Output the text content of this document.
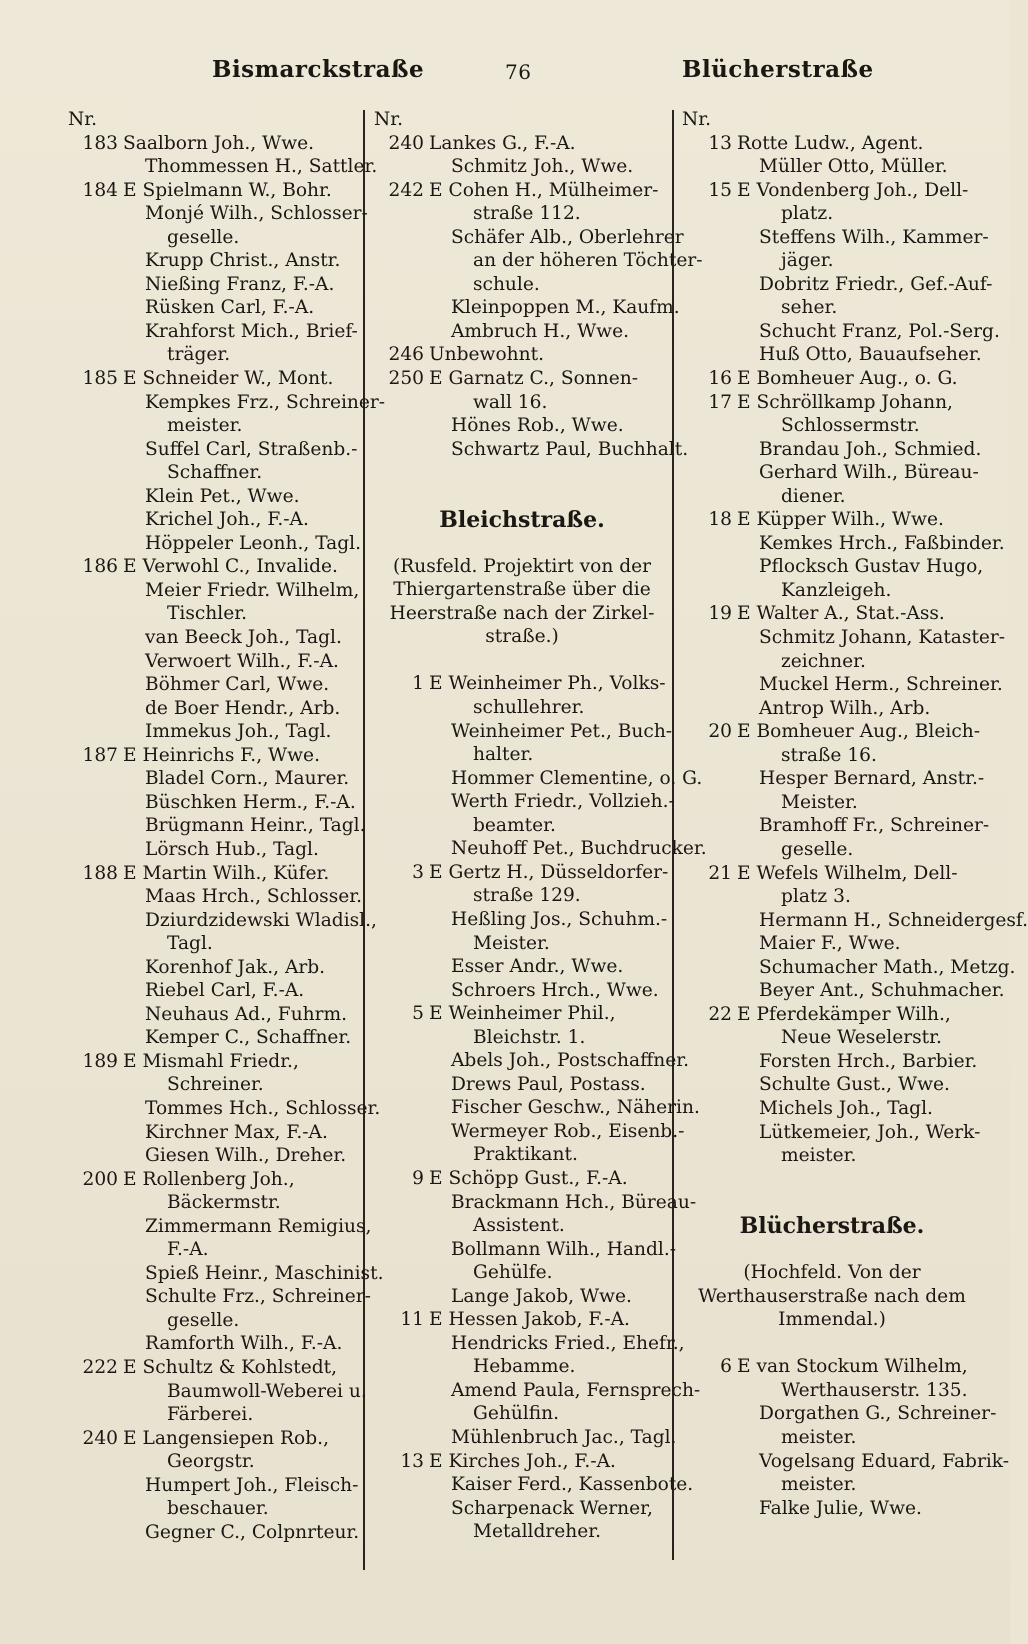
Bismarckstraße	76	Blücherstraße
Nr.
183 Saalborn Joh., Wwe.
Thommessen H., Sattler.
184 E Spielmann W., Bohr.
Monjé Wilh., Schlosser-
geselle.
Krupp Christ., Anstr.
Nießing Franz, F.-A.
Rüsken Carl, F.-A.
Krahforst Mich., Brief-
träger.
185 E Schneider W., Mont.
Kempkes Frz., Schreiner-
meister.
Suffel Carl, Straßenb.-
Schaffner.
Klein Pet., Wwe.
Krichel Joh., F.-A.
Höppeler Leonh., Tagl.
186 E Verwohl C., Invalide.
Meier Friedr. Wilhelm,
Tischler.
van Beeck Joh., Tagl.
Verwoert Wilh., F.-A.
Böhmer Carl, Wwe.
de Boer Hendr., Arb.
Immekus Joh., Tagl.
187 E Heinrichs F., Wwe.
Bladel Corn., Maurer.
Büschken Herm., F.-A.
Brügmann Heinr., Tagl.
Lörsch Hub., Tagl.
188 E Martin Wilh., Küfer.
Maas Hrch., Schlosser.
Dziurdzidewski Wladisl.,
Tagl.
Korenhof Jak., Arb.
Riebel Carl, F.-A.
Neuhaus Ad., Fuhrm.
Kemper C., Schaffner.
189 E Mismahl Friedr.,
Schreiner.
Tommes Hch., Schlosser.
Kirchner Max, F.-A.
Giesen Wilh., Dreher.
200 E Rollenberg Joh.,
Bäckermstr.
Zimmermann Remigius,
F.-A.
Spieß Heinr., Maschinist.
Schulte Frz., Schreiner-
geselle.
Ramforth Wilh., F.-A.
222 E Schultz & Kohlstedt,
Baumwoll-Weberei u.
Färberei.
240 E Langensiepen Rob.,
Georgstr.
Humpert Joh., Fleisch-
beschauer.
Gegner C., Colpnrteur.
Nr.
240 Lankes G., F.-A.
Schmitz Joh., Wwe.
242 E Cohen H., Mülheimer-
straße 112.
Schäfer Alb., Oberlehrer
an der höheren Töchter-
schule.
Kleinpoppen M., Kaufm.
Ambruch H., Wwe.
246 Unbewohnt.
250 E Garnatz C., Sonnen-
wall 16.
Hönes Rob., Wwe.
Schwartz Paul, Buchhalt.
Bleichstraße.
(Rusfeld. Projektirt von der
Thiergartenstraße über die
Heerstraße nach der Zirkel-
straße.)
1 E Weinheimer Ph., Volks-
schullehrer.
Weinheimer Pet., Buch-
halter.
Hommer Clementine, o. G.
Werth Friedr., Vollzieh.-
beamter.
Neuhoff Pet., Buchdrucker.
3 E Gertz H., Düsseldorfer-
straße 129.
Heßling Jos., Schuhm.-
Meister.
Esser Andr., Wwe.
Schroers Hrch., Wwe.
5 E Weinheimer Phil.,
Bleichstr. 1.
Abels Joh., Postschaffner.
Drews Paul, Postass.
Fischer Geschw., Näherin.
Wermeyer Rob., Eisenb.-
Praktikant.
9 E Schöpp Gust., F.-A.
Brackmann Hch., Büreau-
Assistent.
Bollmann Wilh., Handl.-
Gehülfe.
Lange Jakob, Wwe.
11 E Hessen Jakob, F.-A.
Hendricks Fried., Ehefr.,
Hebamme.
Amend Paula, Fernsprech-
Gehülfin.
Mühlenbruch Jac., Tagl.
13 E Kirches Joh., F.-A.
Kaiser Ferd., Kassenbote.
Scharpenack Werner,
Metalldreher.
Nr.
13 Rotte Ludw., Agent.
Müller Otto, Müller.
15 E Vondenberg Joh., Dell-
platz.
Steffens Wilh., Kammer-
jäger.
Dobritz Friedr., Gef.-Auf-
seher.
Schucht Franz, Pol.-Serg.
Huß Otto, Bauaufseher.
16 E Bomheuer Aug., o. G.
17 E Schröllkamp Johann,
Schlossermstr.
Brandau Joh., Schmied.
Gerhard Wilh., Büreau-
diener.
18 E Küpper Wilh., Wwe.
Kemkes Hrch., Faßbinder.
Pflocksch Gustav Hugo,
Kanzleigeh.
19 E Walter A., Stat.-Ass.
Schmitz Johann, Kataster-
zeichner.
Muckel Herm., Schreiner.
Antrop Wilh., Arb.
20 E Bomheuer Aug., Bleich-
straße 16.
Hesper Bernard, Anstr.-
Meister.
Bramhoff Fr., Schreiner-
geselle.
21 E Wefels Wilhelm, Dell-
platz 3.
Hermann H., Schneidergesf.
Maier F., Wwe.
Schumacher Math., Metzg.
Beyer Ant., Schuhmacher.
22 E Pferdekämper Wilh.,
Neue Weselerstr.
Forsten Hrch., Barbier.
Schulte Gust., Wwe.
Michels Joh., Tagl.
Lütkemeier, Joh., Werk-
meister.
Blücherstraße.
(Hochfeld. Von der
Werthauserstraße nach dem
Immendal.)
6 E van Stockum Wilhelm,
Werthauserstr. 135.
Dorgathen G., Schreiner-
meister.
Vogelsang Eduard, Fabrik-
meister.
Falke Julie, Wwe.
